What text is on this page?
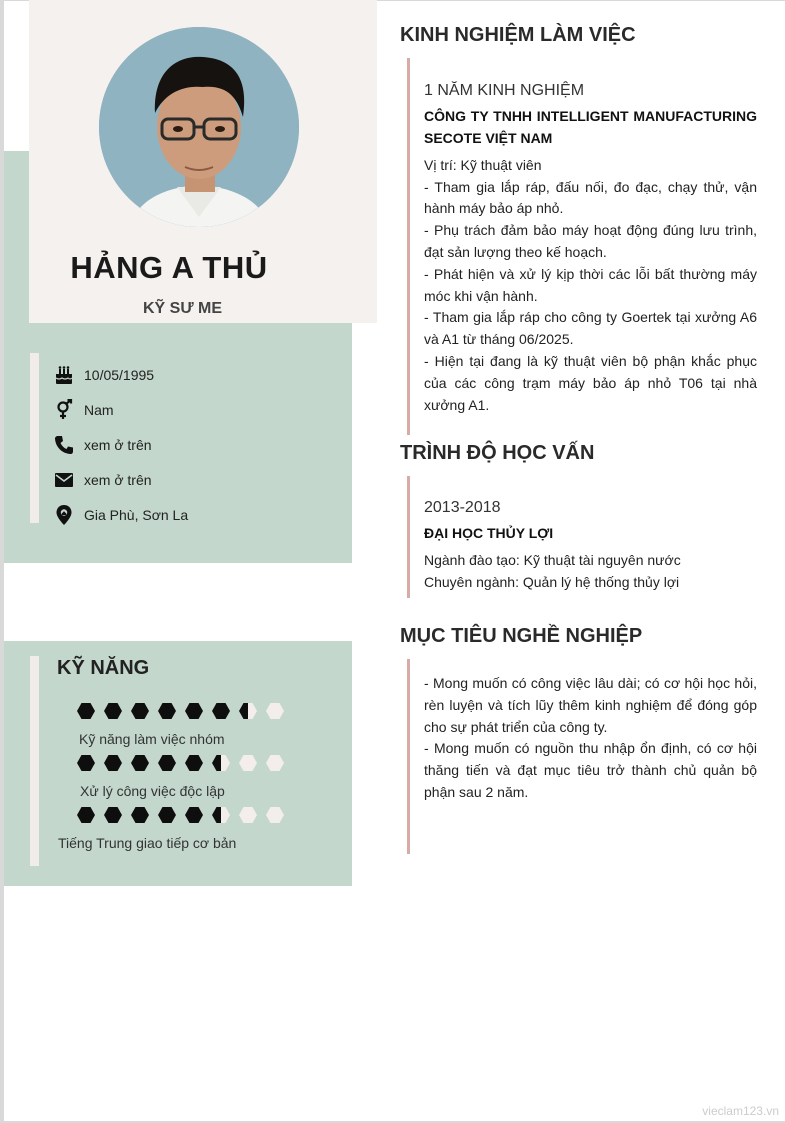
HẢNG A THỦ
KỸ SƯ ME
10/05/1995
Nam
xem ở trên
xem ở trên
Gia Phù, Sơn La
KỸ NĂNG
Kỹ năng làm việc nhóm
Xử lý công việc độc lập
Tiếng Trung giao tiếp cơ bản
KINH NGHIỆM LÀM VIỆC
1 NĂM KINH NGHIỆM
CÔNG TY TNHH INTELLIGENT MANUFACTURING SECOTE VIỆT NAM
Vị trí: Kỹ thuật viên
- Tham gia lắp ráp, đấu nối, đo đạc, chạy thử, vận hành máy bảo áp nhỏ.
- Phụ trách đảm bảo máy hoạt động đúng lưu trình, đạt sản lượng theo kế hoạch.
- Phát hiện và xử lý kịp thời các lỗi bất thường máy móc khi vận hành.
- Tham gia lắp ráp cho công ty Goertek tại xưởng A6 và A1 từ tháng 06/2025.
- Hiện tại đang là kỹ thuật viên bộ phận khắc phục của các công trạm máy bảo áp nhỏ T06 tại nhà xưởng A1.
TRÌNH ĐỘ HỌC VẤN
2013-2018
ĐẠI HỌC THỦY LỢI
Ngành đào tạo: Kỹ thuật tài nguyên nước
Chuyên ngành: Quản lý hệ thống thủy lợi
MỤC TIÊU NGHỀ NGHIỆP
- Mong muốn có công việc lâu dài; có cơ hội học hỏi, rèn luyện và tích lũy thêm kinh nghiệm để đóng góp cho sự phát triển của công ty.
- Mong muốn có nguồn thu nhập ổn định, có cơ hội thăng tiến và đạt mục tiêu trở thành chủ quản bộ phận sau 2 năm.
vieclam123.vn
